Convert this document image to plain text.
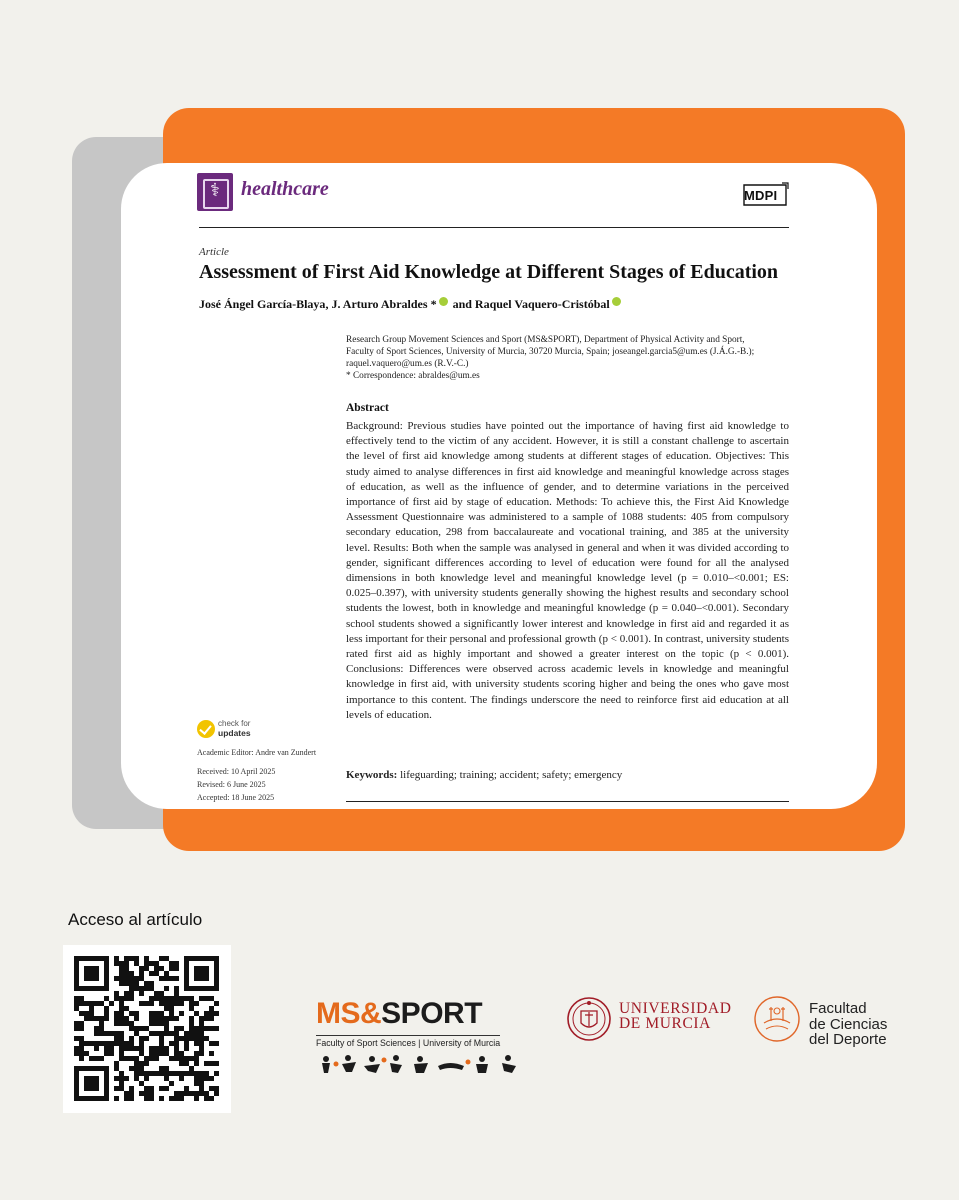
⚕	healthcare	MDPI
Article
Assessment of First Aid Knowledge at Different Stages of Education
José Ángel García-Blaya, J. Arturo Abraldes * and Raquel Vaquero-Cristóbal
Research Group Movement Sciences and Sport (MS&SPORT), Department of Physical Activity and Sport, Faculty of Sport Sciences, University of Murcia, 30720 Murcia, Spain; joseangel.garcia5@um.es (J.Á.G.-B.); raquel.vaquero@um.es (R.V.-C.)
* Correspondence: abraldes@um.es
Abstract
Background: Previous studies have pointed out the importance of having first aid knowledge to effectively tend to the victim of any accident. However, it is still a constant challenge to ascertain the level of first aid knowledge among students at different stages of education. Objectives: This study aimed to analyse differences in first aid knowledge and meaningful knowledge across stages of education, as well as the influence of gender, and to determine variations in the perceived importance of first aid by stage of education. Methods: To achieve this, the First Aid Knowledge Assessment Questionnaire was administered to a sample of 1088 students: 405 from compulsory secondary education, 298 from baccalaureate and vocational training, and 385 at the university level. Results: Both when the sample was analysed in general and when it was divided according to gender, significant differences according to level of education were found for all the analysed dimensions in both knowledge level and meaningful knowledge level (p = 0.010–<0.001; ES: 0.025–0.397), with university students generally showing the highest results and secondary school students the lowest, both in knowledge and meaningful knowledge (p = 0.040–<0.001). Secondary school students showed a significantly lower interest and knowledge in first aid and regarded it as less important for their personal and professional growth (p < 0.001). In contrast, university students rated first aid as highly important and showed a greater interest on the topic (p < 0.001). Conclusions: Differences were observed across academic levels in knowledge and meaningful knowledge in first aid, with university students scoring higher and being the ones who gave most importance to this content. The findings underscore the need to reinforce first aid education at all levels of education.
Keywords: lifeguarding; training; accident; safety; emergency
check for
updates
Academic Editor: Andre van Zundert
Received: 10 April 2025
Revised: 6 June 2025
Accepted: 18 June 2025
Acceso al artículo
MS&SPORT
Faculty of Sport Sciences | University of Murcia
UNIVERSIDAD
DE MURCIA
Facultad
de Ciencias
del Deporte
